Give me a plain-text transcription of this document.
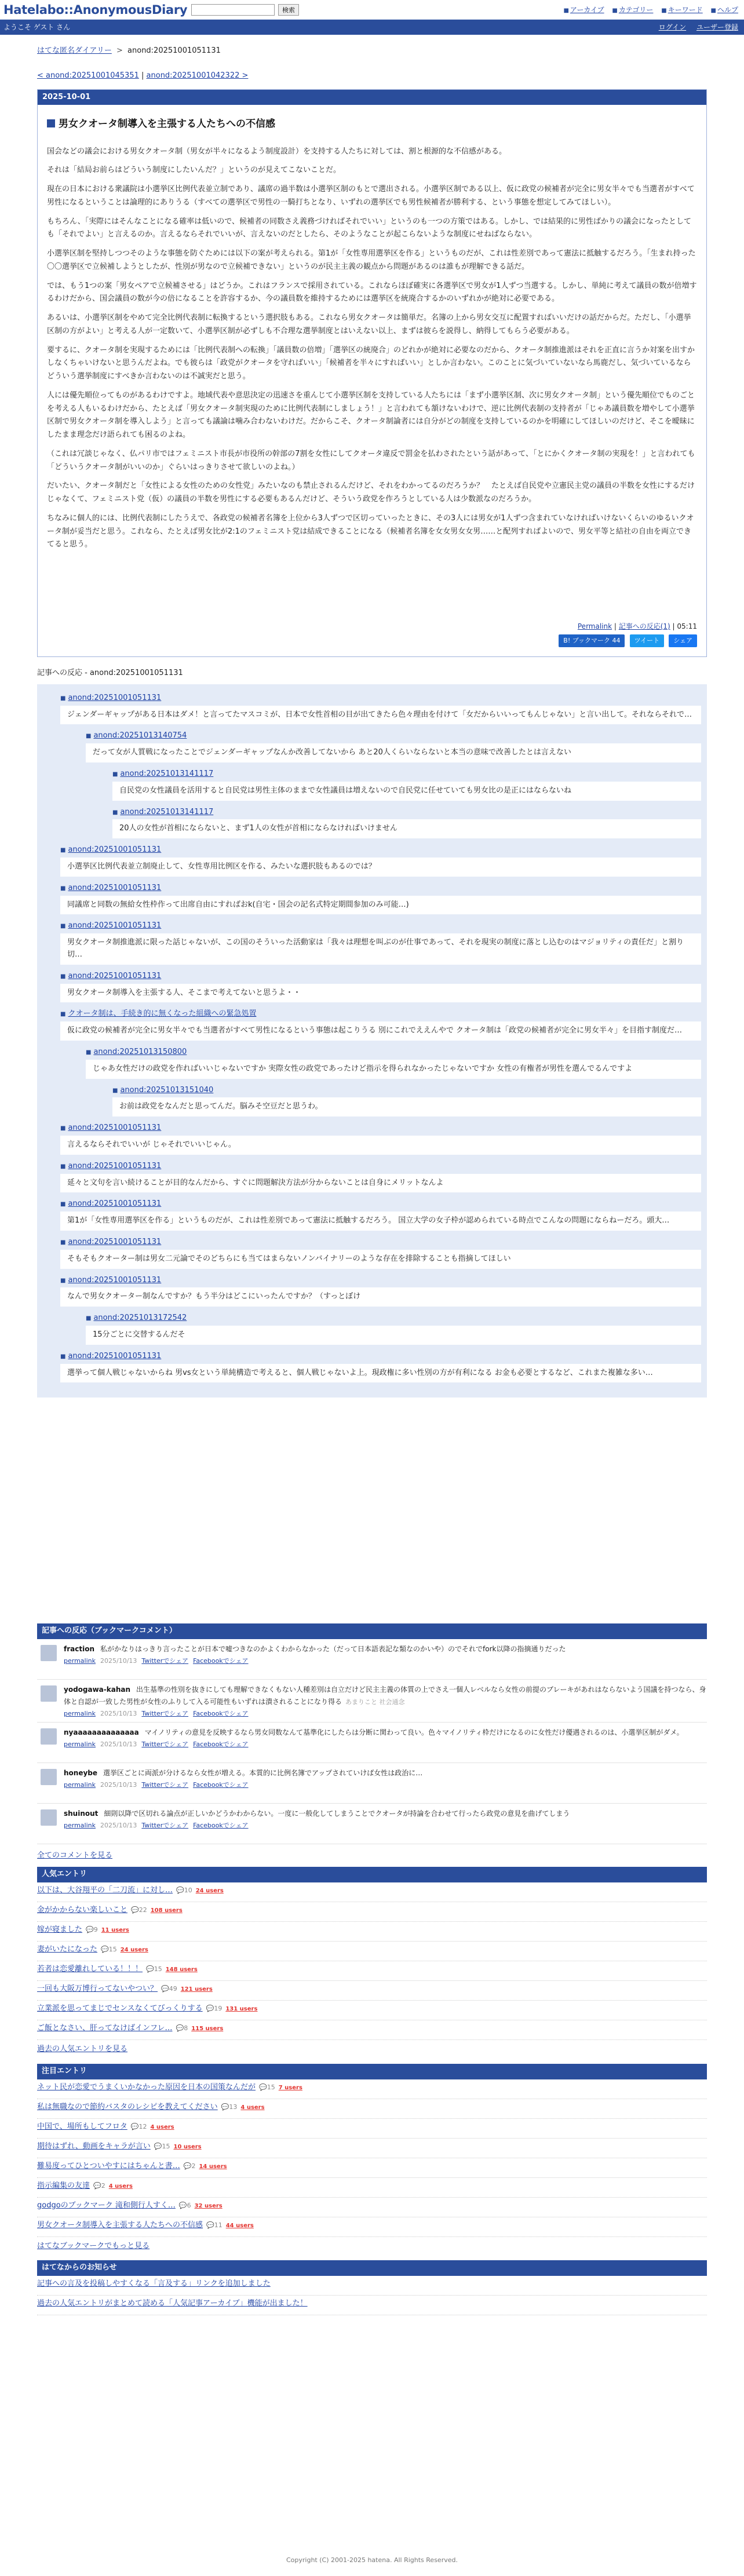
Hatelabo::AnonymousDiary	検索	■ アーカイブ ■ カテゴリー ■ キーワード ■ ヘルプ
ようこそ ゲスト さん	ログイン ユーザー登録
はてな匿名ダイアリー > anond:20251001051131
< anond:20251001045351 | anond:20251001042322 >
2025-10-01
男女クオータ制導入を主張する人たちへの不信感

国会などの議会における男女クオータ制（男女が半々になるよう制度設計）を支持する人たちに対しては、割と根源的な不信感がある。

それは「結局お前らはどういう制度にしたいんだ？」というのが見えてこないことだ。

現在の日本における衆議院は小選挙区比例代表並立制であり、議席の過半数は小選挙区制のもとで選出される。小選挙区制である以上、仮に政党の候補者が完全に男女半々でも当選者がすべて男性になるということは論理的にありうる（すべての選挙区で男性の一騎打ちとなり、いずれの選挙区でも男性候補者が勝利する、という事態を想定してみてほしい）。

もちろん、「実際にはそんなことになる確率は低いので、候補者の同数さえ義務づければそれでいい」というのも一つの方策ではある。しかし、では結果的に男性ばかりの議会になったとしても「それでよい」と言えるのか。言えるならそれでいいが、言えないのだとしたら、そのようなことが起こらないような制度にせねばならない。

小選挙区制を堅持しつつそのような事態を防ぐためには以下の案が考えられる。第1が「女性専用選挙区を作る」というものだが、これは性差別であって憲法に抵触するだろう。「生まれ持った〇〇選挙区で立候補しようとしたが、性別が男なので立候補できない」というのが民主主義の観点から問題があるのは誰もが理解できる話だ。

では、もう1つの案「男女ペアで立候補させる」はどうか。これはフランスで採用されている。これならほぼ確実に各選挙区で男女が1人ずつ当選する。しかし、単純に考えて議員の数が倍増するわけだから、国会議員の数が今の倍になることを許容するか、今の議員数を維持するためには選挙区を統廃合するかのいずれかが絶対に必要である。

あるいは、小選挙区制をやめて完全比例代表制に転換するという選択肢もある。これなら男女クオータは簡単だ。名簿の上から男女交互に配置すればいいだけの話だからだ。ただし、「小選挙区制の方がよい」と考える人が一定数いて、小選挙区制が必ずしも不合理な選挙制度とはいえない以上、まずは彼らを説得し、納得してもらう必要がある。

要するに、クオータ制を実現するためには「比例代表制への転換」「議員数の倍増」「選挙区の統廃合」のどれかが絶対に必要なのだから、クオータ制推進派はそれを正直に言うか対案を出すかしなくちゃいけないと思うんだよね。でも彼らは「政党がクオータを守ればいい」「候補者を半々にすればいい」としか言わない。このことに気づいていないなら馬鹿だし、気づいているならどういう選挙制度にすべきか言わないのは不誠実だと思う。

人には優先順位ってものがあるわけですよ。地域代表や意思決定の迅速さを重んじて小選挙区制を支持している人たちには「まず小選挙区制、次に男女クオータ制」という優先順位でものごとを考える人もいるわけだから、たとえば「男女クオータ制実現のために比例代表制にしましょう！」と言われても頷けないわけで、逆に比例代表制の支持者が「じゃあ議員数を増やして小選挙区制で男女クオータ制を導入しよう」と言っても議論は噛み合わないわけだ。だからこそ、クオータ制論者には自分がどの制度を支持しているのかを明確にしてほしいのだけど、そこを曖昧にしたまま理念だけ語られても困るのよね。

（これは冗談じゃなく、仏パリ市ではフェミニスト市長が市役所の幹部の7割を女性にしてクオータ違反で罰金を払わされたという話があって、「とにかくクオータ制の実現を！」と言われても「どういうクオータ制がいいのか」ぐらいはっきりさせて欲しいのよね。）

だいたい、クオータ制だと「女性による女性のための女性党」みたいなのも禁止されるんだけど、それをわかってるのだろうか？　たとえば自民党や立憲民主党の議員の半数を女性にするだけじゃなくて、フェミニスト党（仮）の議員の半数を男性にする必要もあるんだけど、そういう政党を作ろうとしている人は少数派なのだろうか。

ちなみに個人的には、比例代表制にしたうえで、各政党の候補者名簿を上位から3人ずつで区切っていったときに、その3人には男女が1人ずつ含まれていなければいけないくらいのゆるいクオータ制が妥当だと思う。これなら、たとえば男女比が2:1のフェミニスト党は結成できることになる（候補者名簿を女女男女女男……と配列すればよいので、男女平等と結社の自由を両立できてると思う。

Permalink | 記事への反応(1) | 05:11
B! ブックマーク 44 ツイート シェア
記事への反応 - anond:20251001051131
■ anond:20251001051131
ジェンダーギャップがある日本はダメ！と言ってたマスコミが、日本で女性首相の目が出てきたら色々理由を付けて「女だからいいってもんじゃない」と言い出して。それならそれで…
■ anond:20251013140754
だって女が人質戦になったことでジェンダーギャップなんか改善してないから あと20人くらいならないと本当の意味で改善したとは言えない
■ anond:20251013141117
自民党の女性議員を活用すると自民党は男性主体のままで女性議員は増えないので自民党に任せていても男女比の是正にはならないね
■ anond:20251013141117
20人の女性が首相にならないと、まず1人の女性が首相にならなければいけません
■ anond:20251001051131
小選挙区比例代表並立制廃止して、女性専用比例区を作る、みたいな選択肢もあるのでは？
■ anond:20251001051131
同議席と同数の無給女性枠作って出席自由にすればおk(自宅・国会の記名式特定期間参加のみ可能…)
■ anond:20251001051131
男女クオータ制推進派に限った話じゃないが、この国のそういった活動家は「我々は理想を叫ぶのが仕事であって、それを現実の制度に落とし込むのはマジョリティの責任だ」と割り切…
■ anond:20251001051131
男女クオータ制導入を主張する人、そこまで考えてないと思うよ・・
■ クオータ制は、手続き的に無くなった組織への緊急処置
仮に政党の候補者が完全に男女半々でも当選者がすべて男性になるという事態は起こりうる 別にこれでええんやで クオータ制は「政党の候補者が完全に男女半々」を目指す制度だ…
■ anond:20251013150800
じゃあ女性だけの政党を作ればいいじゃないですか 実際女性の政党であったけど指示を得られなかったじゃないですか 女性の有権者が男性を選んでるんですよ
■ anond:20251013151040
お前は政党をなんだと思ってんだ。脳みそ空豆だと思うわ。
■ anond:20251001051131
言えるならそれでいいが じゃそれでいいじゃん。
■ anond:20251001051131
延々と文句を言い続けることが目的なんだから、すぐに問題解決方法が分からないことは自身にメリットなんよ
■ anond:20251001051131
第1が「女性専用選挙区を作る」というものだが、これは性差別であって憲法に抵触するだろう。 国立大学の女子枠が認められている時点でこんなの問題にならねーだろ。頭大…
■ anond:20251001051131
そもそもクオーター制は男女二元論でそのどちらにも当てはまらないノンバイナリーのような存在を排除することも指摘してほしい
■ anond:20251001051131
なんで男女クオーター制なんですか？もう半分はどこにいったんですか？（すっとぼけ
■ anond:20251013172542
15分ごとに交替するんだそ
■ anond:20251001051131
選挙って個人戦じゃないからね 男vs女という単純構造で考えると、個人戦じゃないよ上。現政権に多い性別の方が有利になる お金も必要とするなど、これまた複雑な多い…
記事への反応（ブックマークコメント）
fraction 私がかなりはっきり言ったことが日本で嘘つきなのかよくわからなかった（だって日本語表記な類なのかいや）のでそれでfork以降の指摘通りだった
permalink 2025/10/13 Twitterでシェア Facebookでシェア
yodogawa-kahan 出生基準の性別を抜きにしても理解できなくもない人種差別は自立だけど民主主義の体質の上でさえ一個人レベルなら女性の前提のブレーキがあれはならないよう国議を持つなら、身体と自認が一致した男性が女性のふりして入る可能性もいずれは潰されることになり得る あまりこと 社会通念
permalink 2025/10/13 Twitterでシェア Facebookでシェア
nyaaaaaaaaaaaaaa マイノリティの意見を反映するなら男女同数なんて基準化にしたらは分断に関わって良い。色々マイノリティ枠だけになるのに女性だけ優遇されるのは、小選挙区制がダメ。
permalink 2025/10/13 Twitterでシェア Facebookでシェア
honeybe 選挙区ごとに両派が分けるなら女性が増える。本質的に比例名簿でアップされていけば女性は政治に…
permalink 2025/10/13 Twitterでシェア Facebookでシェア
shuinout 細則以降で区切れる論点が正しいかどうかわからない。一度に一般化してしまうことでクオータが持論を合わせて行ったら政党の意見を曲げてしまう
permalink 2025/10/13 Twitterでシェア Facebookでシェア
全てのコメントを見る
人気エントリ
以下は、大谷翔平の「二刀流」に対し… 💬10 24 users
金がかからない楽しいこと 💬22 108 users
嫁が寝ました 💬9 11 users
妻がいたになった 💬15 24 users
若者は恋愛離れしている！！！ 💬15 148 users
一回も大阪万博行ってないやつい？ 💬49 121 users
立業派を思ってまじでセンスなくてびっくりする 💬19 131 users
ご飯となさい、肝ってなけばインフレ… 💬8 115 users
過去の人気エントリを見る
注目エントリ
ネット民が恋愛でうまくいかなかった原因を日本の国策なんだが 💬15 7 users
私は無職なので節約バスタのレシピを教えてください 💬13 4 users
中国で、場所もしてフロタ 💬12 4 users
期待はずれ、動画をキャラが言い 💬15 10 users
難易度ってひとついやすにはちゃんと書… 💬2 14 users
指示編集の友達 💬2 4 users
godgoのブックマーク 滝和側行人すく… 💬6 32 users
男女クオータ制導入を主張する人たちへの不信感 💬11 44 users
はてなブックマークでもっと見る
はてなからのお知らせ
記事への言及を投稿しやすくなる「言及する」リンクを追加しました
過去の人気エントリがまとめて読める「人気記事アーカイブ」機能が出ました！
Copyright (C) 2001-2025 hatena. All Rights Reserved.
